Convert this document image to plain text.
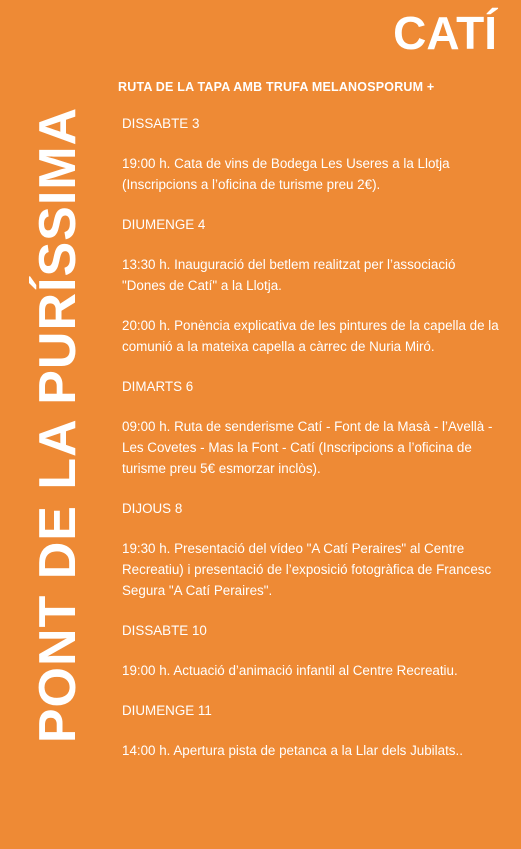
PONT DE LA PURÍSSIMA
CATÍ
RUTA DE LA TAPA AMB TRUFA MELANOSPORUM +
DISSABTE 3
19:00 h. Cata de vins de Bodega Les Useres a la Llotja (Inscripcions a l’oficina de turisme preu 2€).
DIUMENGE 4
13:30 h. Inauguració del betlem realitzat per l’associació "Dones de Catí" a la Llotja.
20:00 h. Ponència explicativa de les pintures de la capella de la comunió a la mateixa capella a càrrec de Nuria Miró.
DIMARTS 6
09:00 h. Ruta de senderisme Catí - Font de la Masà - l’Avellà - Les Covetes - Mas la Font - Catí (Inscripcions a l’oficina de turisme preu 5€ esmorzar inclòs).
DIJOUS 8
19:30 h. Presentació del vídeo "A Catí Peraires" al Centre Recreatiu) i presentació de l’exposició fotogràfica de Francesc Segura "A Catí Peraires".
DISSABTE 10
19:00 h. Actuació d’animació infantil al Centre Recreatiu.
DIUMENGE 11
14:00 h. Apertura pista de petanca a la Llar dels Jubilats..
